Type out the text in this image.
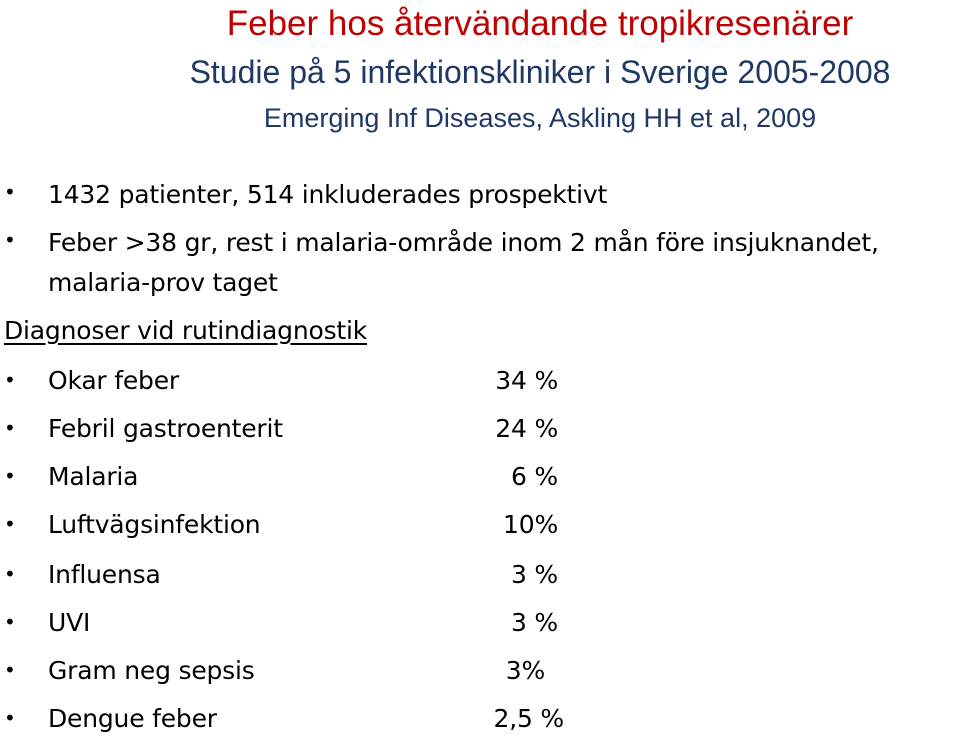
Feber hos återvändande tropikresenärer
Studie på 5 infektionskliniker i Sverige 2005-2008
Emerging Inf Diseases, Askling HH et al, 2009
• 1432 patienter, 514 inkluderades prospektivt
• Feber >38 gr, rest i malaria-område inom 2 mån före insjuknandet,
malaria-prov taget
Diagnoser vid rutindiagnostik
• Okar feber	34 %
• Febril gastroenterit	24 %
• Malaria	6 %
• Luftvägsinfektion	10%
• Influensa	3 %
• UVI	3 %
• Gram neg sepsis	3%
• Dengue feber	2,5 %
